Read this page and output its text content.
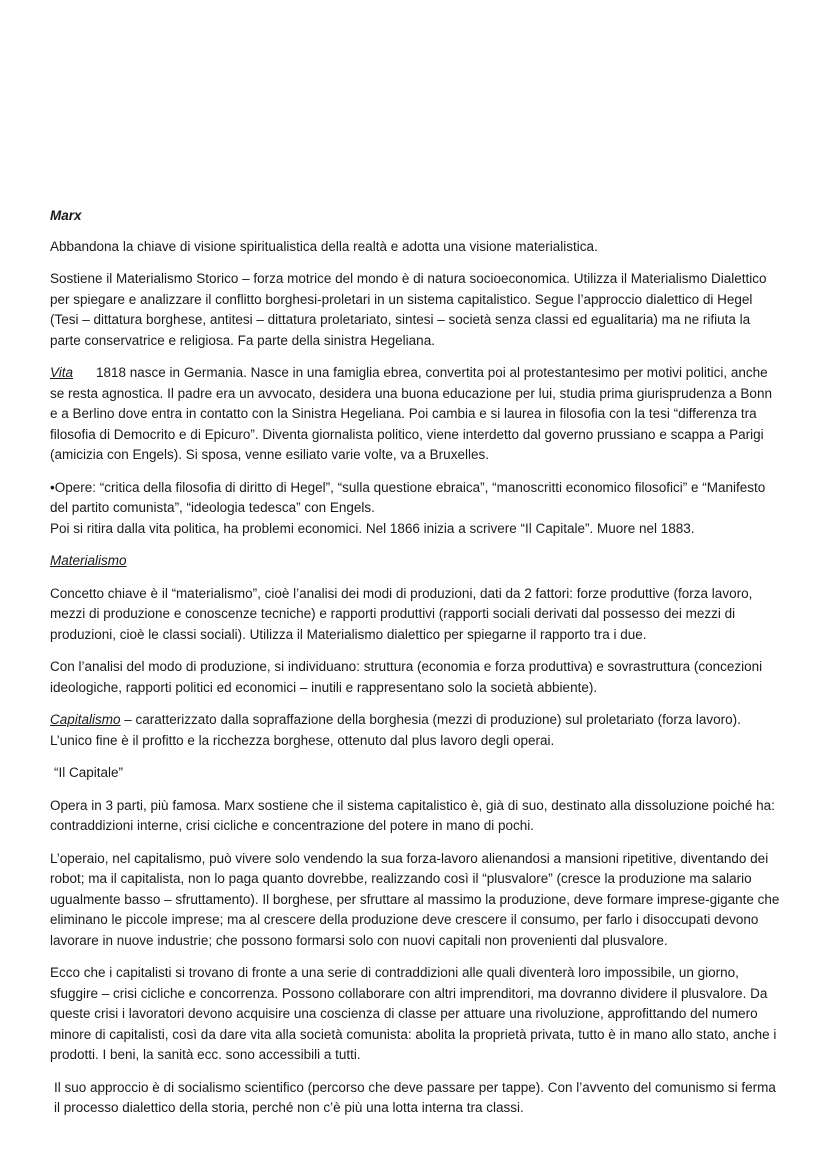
Marx

Abbandona la chiave di visione spiritualistica della realtà e adotta una visione materialistica.

Sostiene il Materialismo Storico – forza motrice del mondo è di natura socioeconomica. Utilizza il Materialismo Dialettico per spiegare e analizzare il conflitto borghesi-proletari in un sistema capitalistico. Segue l’approccio dialettico di Hegel (Tesi – dittatura borghese, antitesi – dittatura proletariato, sintesi – società senza classi ed egualitaria) ma ne rifiuta la parte conservatrice e religiosa. Fa parte della sinistra Hegeliana.

Vita 1818 nasce in Germania. Nasce in una famiglia ebrea, convertita poi al protestantesimo per motivi politici, anche se resta agnostica. Il padre era un avvocato, desidera una buona educazione per lui, studia prima giurisprudenza a Bonn e a Berlino dove entra in contatto con la Sinistra Hegeliana. Poi cambia e si laurea in filosofia con la tesi “differenza tra filosofia di Democrito e di Epicuro”. Diventa giornalista politico, viene interdetto dal governo prussiano e scappa a Parigi (amicizia con Engels). Si sposa, venne esiliato varie volte, va a Bruxelles.

•Opere: “critica della filosofia di diritto di Hegel”, “sulla questione ebraica”, “manoscritti economico filosofici” e “Manifesto del partito comunista”, “ideologia tedesca” con Engels.
Poi si ritira dalla vita politica, ha problemi economici. Nel 1866 inizia a scrivere “Il Capitale”. Muore nel 1883.

Materialismo

Concetto chiave è il “materialismo”, cioè l’analisi dei modi di produzioni, dati da 2 fattori: forze produttive (forza lavoro, mezzi di produzione e conoscenze tecniche) e rapporti produttivi (rapporti sociali derivati dal possesso dei mezzi di produzioni, cioè le classi sociali). Utilizza il Materialismo dialettico per spiegarne il rapporto tra i due.

Con l’analisi del modo di produzione, si individuano: struttura (economia e forza produttiva) e sovrastruttura (concezioni ideologiche, rapporti politici ed economici – inutili e rappresentano solo la società abbiente).

Capitalismo – caratterizzato dalla sopraffazione della borghesia (mezzi di produzione) sul proletariato (forza lavoro). L’unico fine è il profitto e la ricchezza borghese, ottenuto dal plus lavoro degli operai.

“Il Capitale”

Opera in 3 parti, più famosa. Marx sostiene che il sistema capitalistico è, già di suo, destinato alla dissoluzione poiché ha: contraddizioni interne, crisi cicliche e concentrazione del potere in mano di pochi.

L’operaio, nel capitalismo, può vivere solo vendendo la sua forza-lavoro alienandosi a mansioni ripetitive, diventando dei robot; ma il capitalista, non lo paga quanto dovrebbe, realizzando così il “plusvalore” (cresce la produzione ma salario ugualmente basso – sfruttamento). Il borghese, per sfruttare al massimo la produzione, deve formare imprese-gigante che eliminano le piccole imprese; ma al crescere della produzione deve crescere il consumo, per farlo i disoccupati devono lavorare in nuove industrie; che possono formarsi solo con nuovi capitali non provenienti dal plusvalore.

Ecco che i capitalisti si trovano di fronte a una serie di contraddizioni alle quali diventerà loro impossibile, un giorno, sfuggire – crisi cicliche e concorrenza. Possono collaborare con altri imprenditori, ma dovranno dividere il plusvalore. Da queste crisi i lavoratori devono acquisire una coscienza di classe per attuare una rivoluzione, approfittando del numero minore di capitalisti, così da dare vita alla società comunista: abolita la proprietà privata, tutto è in mano allo stato, anche i prodotti. I beni, la sanità ecc. sono accessibili a tutti.

Il suo approccio è di socialismo scientifico (percorso che deve passare per tappe). Con l’avvento del comunismo si ferma il processo dialettico della storia, perché non c’è più una lotta interna tra classi.
